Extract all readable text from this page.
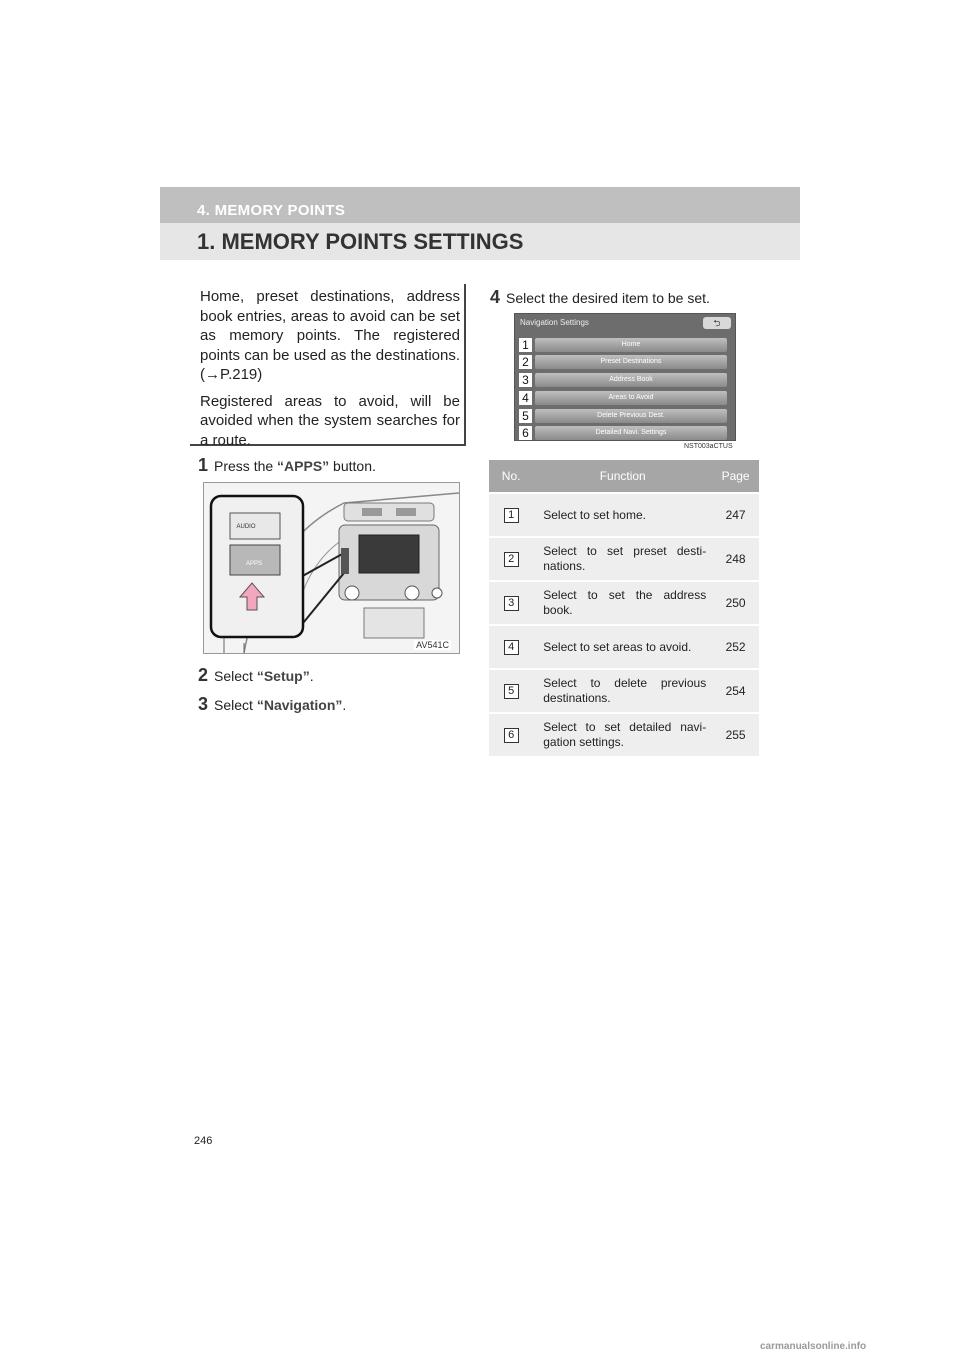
4. MEMORY POINTS
1. MEMORY POINTS SETTINGS

Home, preset destinations, address book entries, areas to avoid can be set as memory points. The registered points can be used as the destinations. (→P.219)

Registered areas to avoid, will be avoided when the system searches for a route.

1 Press the “APPS” button.
AUDIO
APPS
AV541C
2 Select “Setup”.
3 Select “Navigation”.
4 Select the desired item to be set.
Navigation Settings	⮌
1	Home
2	Preset Destinations
3	Address Book
4	Areas to Avoid
5	Delete Previous Dest.
6	Detailed Navi. Settings
NST003aCTUS
No.	Function	Page
1	Select to set home.	247
2	Select to set preset desti-nations.	248
3	Select to set the address book.	250
4	Select to set areas to avoid.	252
5	Select to delete previous destinations.	254
6	Select to set detailed navi-gation settings.	255
246
carmanualsonline.info
